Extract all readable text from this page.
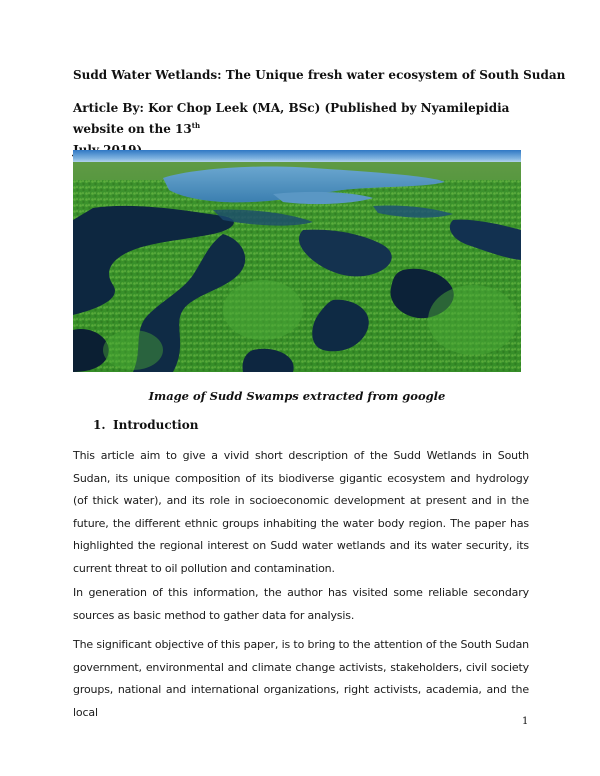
Sudd Water Wetlands: The Unique fresh water ecosystem of South Sudan
Article By: Kor Chop Leek (MA, BSc) (Published by Nyamilepidia website on the 13th

Image of Sudd Swamps extracted from google
1. Introduction
This article aim to give a vivid short description of the Sudd Wetlands in South Sudan, its unique composition of its biodiverse gigantic ecosystem and hydrology (of thick water), and its role in socioeconomic development at present and in the future, the different ethnic groups inhabiting the water body region. The paper has highlighted the regional interest on Sudd water wetlands and its water security, its current threat to oil pollution and contamination.
In generation of this information, the author has visited some reliable secondary sources as basic method to gather data for analysis.
The significant objective of this paper, is to bring to the attention of the South Sudan government, environmental and climate change activists, stakeholders, civil society groups, national and international organizations, right activists, academia, and the local
1
